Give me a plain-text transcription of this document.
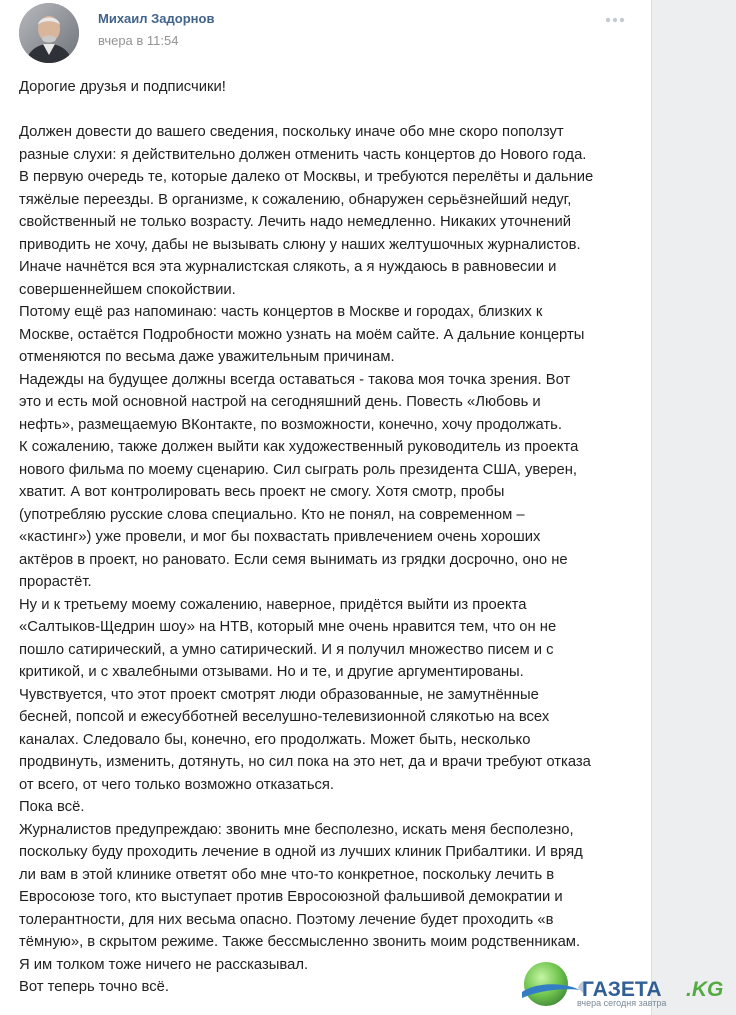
Михаил Задорнов
вчера в 11:54

Дорогие друзья и подписчики!

Должен довести до вашего сведения, поскольку иначе обо мне скоро поползут

разные слухи: я действительно должен отменить часть концертов до Нового года.

В первую очередь те, которые далеко от Москвы, и требуются перелёты и дальние

тяжёлые переезды. В организме, к сожалению, обнаружен серьёзнейший недуг,

свойственный не только возрасту. Лечить надо немедленно. Никаких уточнений

приводить не хочу, дабы не вызывать слюну у наших желтушочных журналистов.

Иначе начнётся вся эта журналистская слякоть, а я нуждаюсь в равновесии и

совершеннейшем спокойствии.

Потому ещё раз напоминаю: часть концертов в Москве и городах, близких к

Москве, остаётся Подробности можно узнать на моём сайте. А дальние концерты

отменяются по весьма даже уважительным причинам.

Надежды на будущее должны всегда оставаться - такова моя точка зрения. Вот

это и есть мой основной настрой на сегодняшний день. Повесть «Любовь и

нефть», размещаемую ВКонтакте, по возможности, конечно, хочу продолжать.

К сожалению, также должен выйти как художественный руководитель из проекта

нового фильма по моему сценарию. Сил сыграть роль президента США, уверен,

хватит. А вот контролировать весь проект не смогу. Хотя смотр, пробы

(употребляю русские слова специально. Кто не понял, на современном –

«кастинг») уже провели, и мог бы похвастать привлечением очень хороших

актёров в проект, но рановато. Если семя вынимать из грядки досрочно, оно не

прорастёт.

Ну и к третьему моему сожалению, наверное, придётся выйти из проекта

«Салтыков-Щедрин шоу» на НТВ, который мне очень нравится тем, что он не

пошло сатирический, а умно сатирический. И я получил множество писем и с

критикой, и с хвалебными отзывами. Но и те, и другие аргументированы.

Чувствуется, что этот проект смотрят люди образованные, не замутнённые

бесней, попсой и ежесубботней веселушно-телевизионной слякотью на всех

каналах. Следовало бы, конечно, его продолжать. Может быть, несколько

продвинуть, изменить, дотянуть, но сил пока на это нет, да и врачи требуют отказа

от всего, от чего только возможно отказаться.

Пока всё.

Журналистов предупреждаю: звонить мне бесполезно, искать меня бесполезно,

поскольку буду проходить лечение в одной из лучших клиник Прибалтики. И вряд

ли вам в этой клинике ответят обо мне что-то конкретное, поскольку лечить в

Евросоюзе того, кто выступает против Евросоюзной фальшивой демократии и

толерантности, для них весьма опасно. Поэтому лечение будет проходить «в

тёмную», в скрытом режиме. Также бессмысленно звонить моим родственникам.

Я им толком тоже ничего не рассказывал.

Вот теперь точно всё.	ГАЗЕТА .KG
вчера сегодня завтра
